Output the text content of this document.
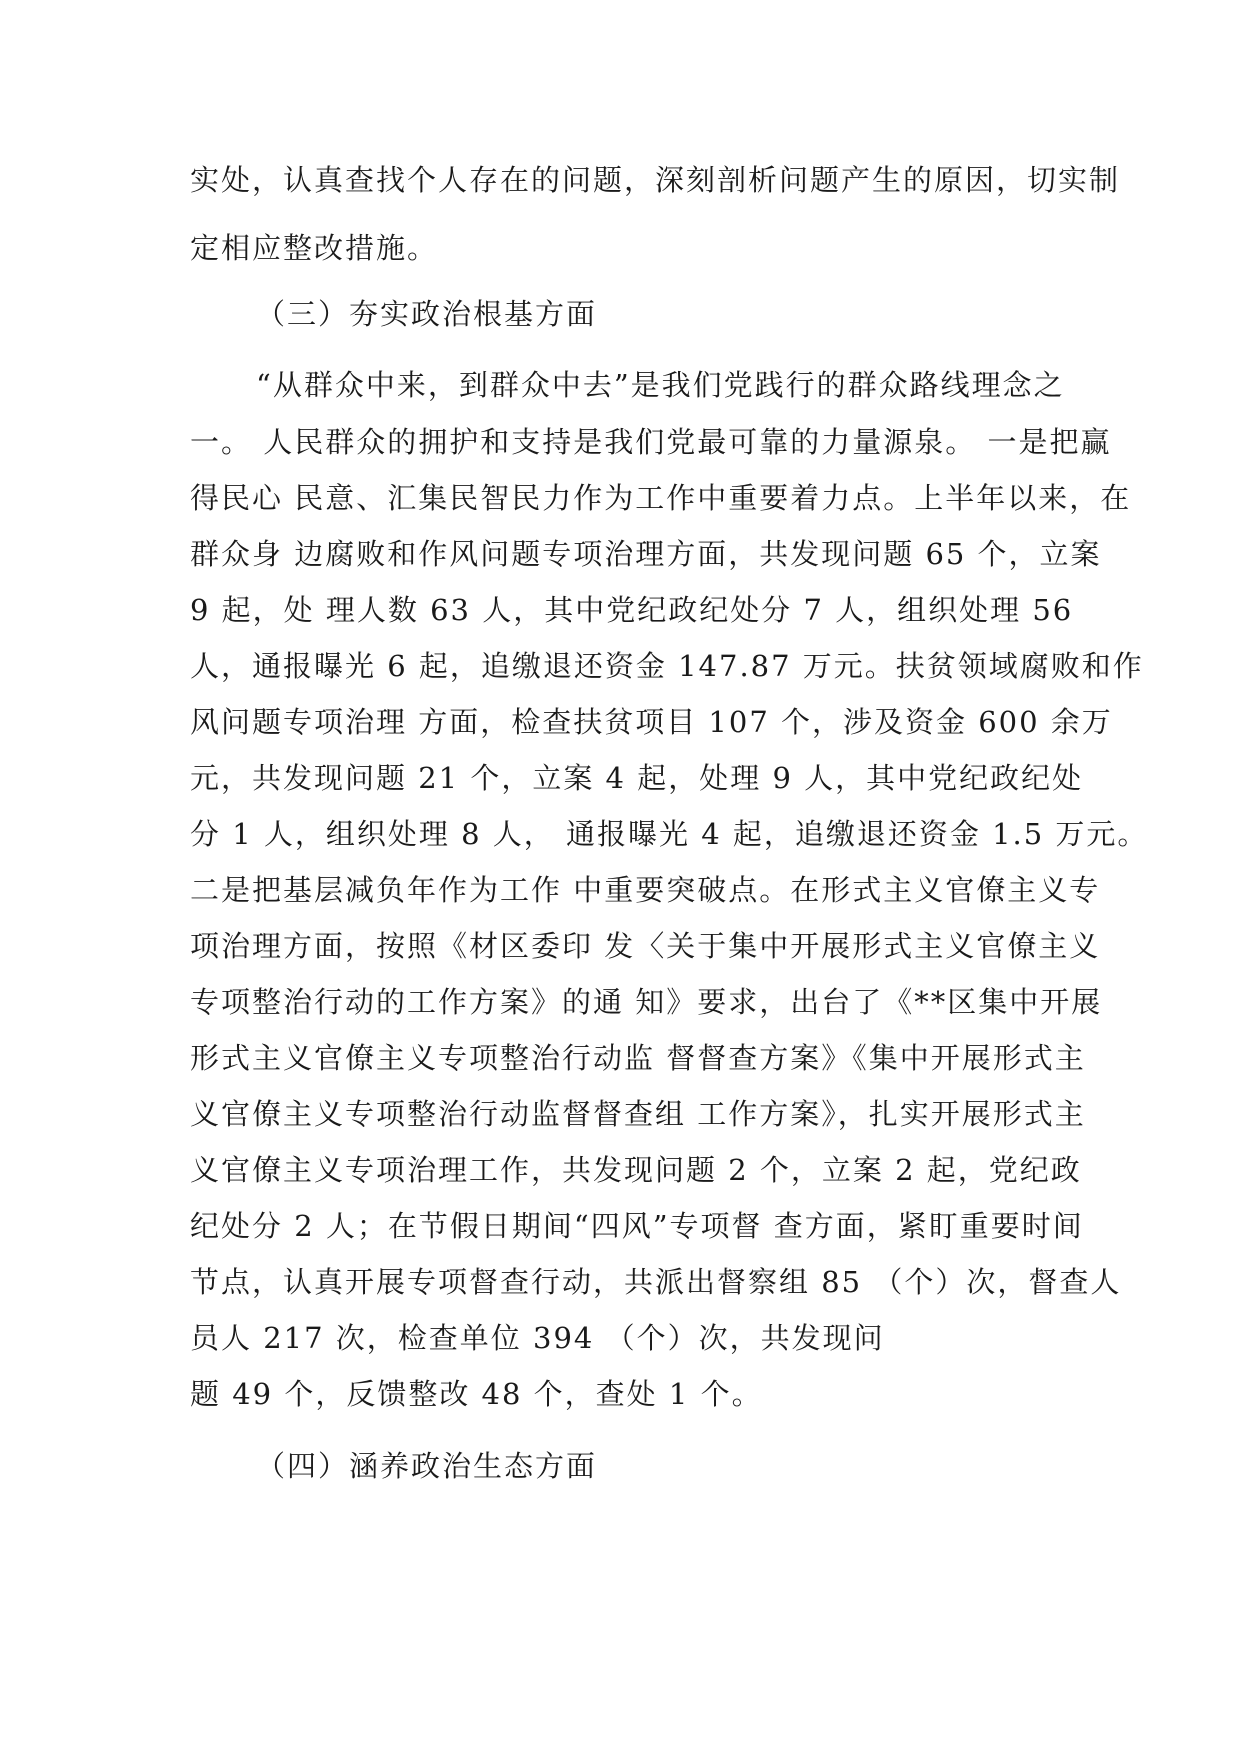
实处，认真查找个人存在的问题，深刻剖析问题产生的原因，切实制
定相应整改措施。
（三）夯实政治根基方面
“从群众中来，到群众中去”是我们党践行的群众路线理念之
一。 人民群众的拥护和支持是我们党最可靠的力量源泉。 一是把赢
得民心 民意、汇集民智民力作为工作中重要着力点。上半年以来，在
群众身 边腐败和作风问题专项治理方面，共发现问题 65 个，立案
9 起，处 理人数 63 人，其中党纪政纪处分 7 人，组织处理 56
人，通报曝光 6 起，追缴退还资金 147.87 万元。扶贫领域腐败和作
风问题专项治理 方面，检查扶贫项目 107 个，涉及资金 600 余万
元，共发现问题 21 个，立案 4 起，处理 9 人，其中党纪政纪处
分 1 人，组织处理 8 人， 通报曝光 4 起，追缴退还资金 1.5 万元。
二是把基层减负年作为工作 中重要突破点。在形式主义官僚主义专
项治理方面，按照《材区委印 发〈关于集中开展形式主义官僚主义
专项整治行动的工作方案》的通 知》要求，出台了《**区集中开展
形式主义官僚主义专项整治行动监 督督查方案》《集中开展形式主
义官僚主义专项整治行动监督督查组 工作方案》，扎实开展形式主
义官僚主义专项治理工作，共发现问题 2 个，立案 2 起，党纪政
纪处分 2 人；在节假日期间“四风”专项督 查方面，紧盯重要时间
节点，认真开展专项督查行动，共派出督察组 85 （个）次，督查人
员人 217 次，检查单位 394 （个）次，共发现问
题 49 个，反馈整改 48 个，查处 1 个。
（四）涵养政治生态方面
